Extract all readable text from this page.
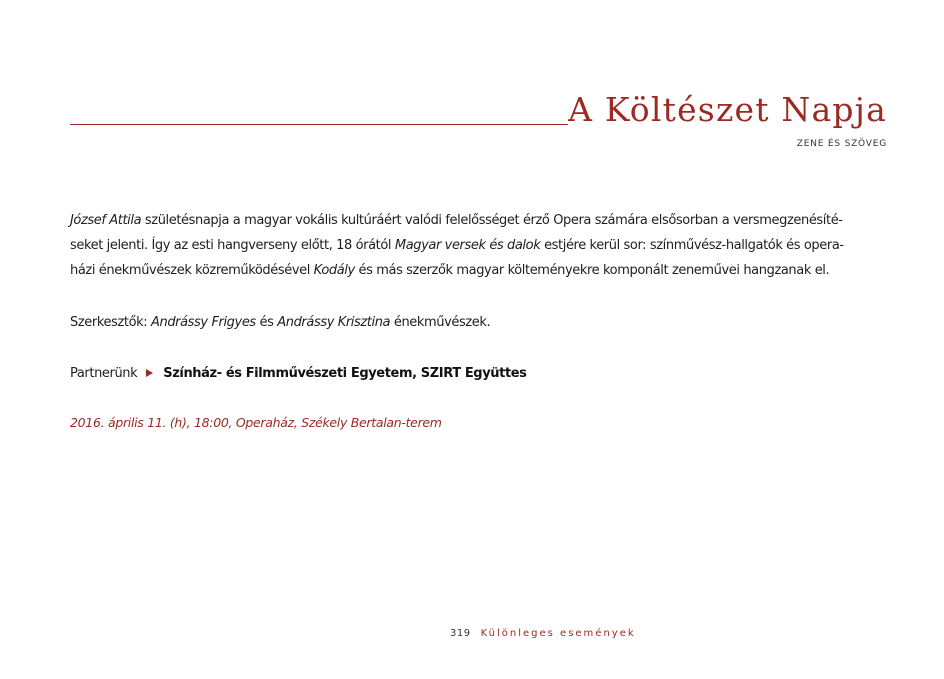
A Költészet Napja
ZENE ÉS SZÖVEG
József Attila születésnapja a magyar vokális kultúráért valódi felelősséget érző Opera számára elsősorban a versmegzenésíté-
seket jelenti. Így az esti hangverseny előtt, 18 órától Magyar versek és dalok estjére kerül sor: színművész-hallgatók és opera-
házi énekművészek közreműködésével Kodály és más szerzők magyar költeményekre komponált zeneművei hangzanak el.
Szerkesztők: Andrássy Frigyes és Andrássy Krisztina énekművészek.
Partnerünk Színház- és Filmművészeti Egyetem, SZIRT Együttes
2016. április 11. (h), 18:00, Operaház, Székely Bertalan-terem
319 Különleges események
